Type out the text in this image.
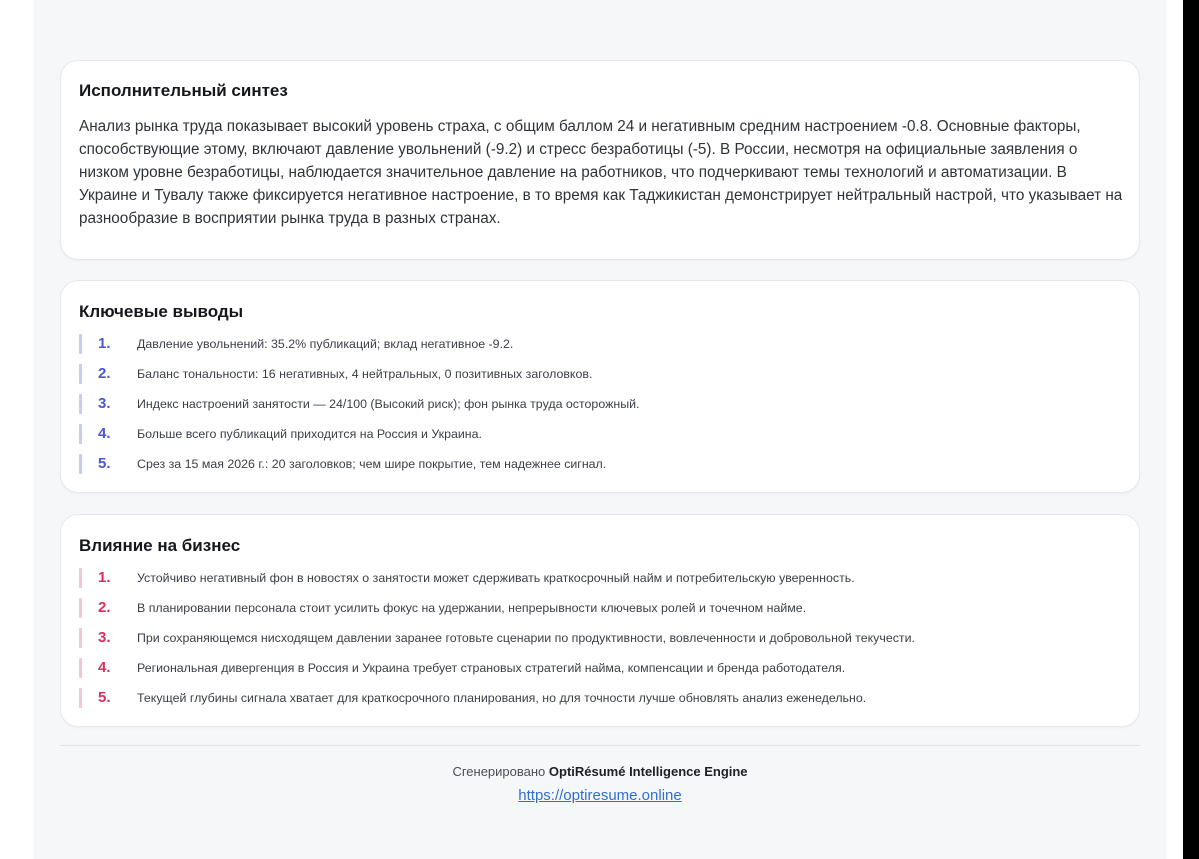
Исполнительный синтез

Анализ рынка труда показывает высокий уровень страха, с общим баллом 24 и негативным средним настроением -0.8. Основные факторы, способствующие этому, включают давление увольнений (-9.2) и стресс безработицы (-5). В России, несмотря на официальные заявления о низком уровне безработицы, наблюдается значительное давление на работников, что подчеркивают темы технологий и автоматизации. В Украине и Тувалу также фиксируется негативное настроение, в то время как Таджикистан демонстрирует нейтральный настрой, что указывает на разнообразие в восприятии рынка труда в разных странах.

Ключевые выводы
1. Давление увольнений: 35.2% публикаций; вклад негативное -9.2.
2. Баланс тональности: 16 негативных, 4 нейтральных, 0 позитивных заголовков.
3. Индекс настроений занятости — 24/100 (Высокий риск); фон рынка труда осторожный.
4. Больше всего публикаций приходится на Россия и Украина.
5. Срез за 15 мая 2026 г.: 20 заголовков; чем шире покрытие, тем надежнее сигнал.
Влияние на бизнес
1. Устойчиво негативный фон в новостях о занятости может сдерживать краткосрочный найм и потребительскую уверенность.
2. В планировании персонала стоит усилить фокус на удержании, непрерывности ключевых ролей и точечном найме.
3. При сохраняющемся нисходящем давлении заранее готовьте сценарии по продуктивности, вовлеченности и добровольной текучести.
4. Региональная дивергенция в Россия и Украина требует страновых стратегий найма, компенсации и бренда работодателя.
5. Текущей глубины сигнала хватает для краткосрочного планирования, но для точности лучше обновлять анализ еженедельно.
Сгенерировано OptiRésumé Intelligence Engine
https://optiresume.online
